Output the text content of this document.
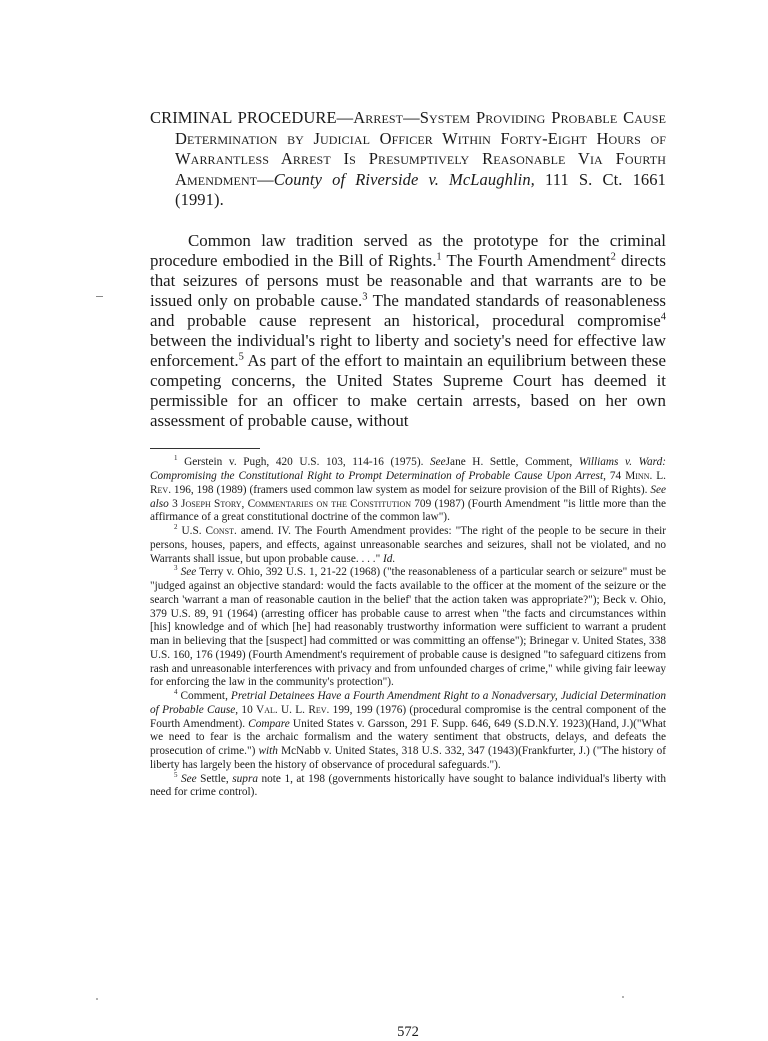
CRIMINAL PROCEDURE—Arrest—System Providing Probable Cause Determination by Judicial Officer Within Forty-Eight Hours of Warrantless Arrest Is Presumptively Reasonable Via Fourth Amendment—County of Riverside v. McLaughlin, 111 S. Ct. 1661 (1991).

Common law tradition served as the prototype for the criminal procedure embodied in the Bill of Rights.$^1$ The Fourth Amendment$^2$ directs that seizures of persons must be reasonable and that warrants are to be issued only on probable cause.$^3$ The mandated standards of reasonableness and probable cause represent an historical, procedural compromise$^4$ between the individual's right to liberty and society's need for effective law enforcement.$^5$ As part of the effort to maintain an equilibrium between these competing concerns, the United States Supreme Court has deemed it permissible for an officer to make certain arrests, based on her own assessment of probable cause, without

$^1$ Gerstein v. Pugh, 420 U.S. 103, 114-16 (1975). SeeJane H. Settle, Comment, Williams v. Ward: Compromising the Constitutional Right to Prompt Determination of Probable Cause Upon Arrest, 74 Minn. L. Rev. 196, 198 (1989) (framers used common law system as model for seizure provision of the Bill of Rights). See also 3 Joseph Story, Commentaries on the Constitution 709 (1987) (Fourth Amendment "is little more than the affirmance of a great constitutional doctrine of the common law").

$^2$ U.S. Const. amend. IV. The Fourth Amendment provides: "The right of the people to be secure in their persons, houses, papers, and effects, against unreasonable searches and seizures, shall not be violated, and no Warrants shall issue, but upon probable cause. . . ." Id.

$^3$ See Terry v. Ohio, 392 U.S. 1, 21-22 (1968) ("the reasonableness of a particular search or seizure" must be "judged against an objective standard: would the facts available to the officer at the moment of the seizure or the search 'warrant a man of reasonable caution in the belief' that the action taken was appropriate?"); Beck v. Ohio, 379 U.S. 89, 91 (1964) (arresting officer has probable cause to arrest when "the facts and circumstances within [his] knowledge and of which [he] had reasonably trustworthy information were sufficient to warrant a prudent man in believing that the [suspect] had committed or was committing an offense"); Brinegar v. United States, 338 U.S. 160, 176 (1949) (Fourth Amendment's requirement of probable cause is designed "to safeguard citizens from rash and unreasonable interferences with privacy and from unfounded charges of crime," while giving fair leeway for enforcing the law in the community's protection").

$^4$ Comment, Pretrial Detainees Have a Fourth Amendment Right to a Nonadversary, Judicial Determination of Probable Cause, 10 Val. U. L. Rev. 199, 199 (1976) (procedural compromise is the central component of the Fourth Amendment). Compare United States v. Garsson, 291 F. Supp. 646, 649 (S.D.N.Y. 1923)(Hand, J.)("What we need to fear is the archaic formalism and the watery sentiment that obstructs, delays, and defeats the prosecution of crime.") with McNabb v. United States, 318 U.S. 332, 347 (1943)(Frankfurter, J.) ("The history of liberty has largely been the history of observance of procedural safeguards.").

$^5$ See Settle, supra note 1, at 198 (governments historically have sought to balance individual's liberty with need for crime control).

572
